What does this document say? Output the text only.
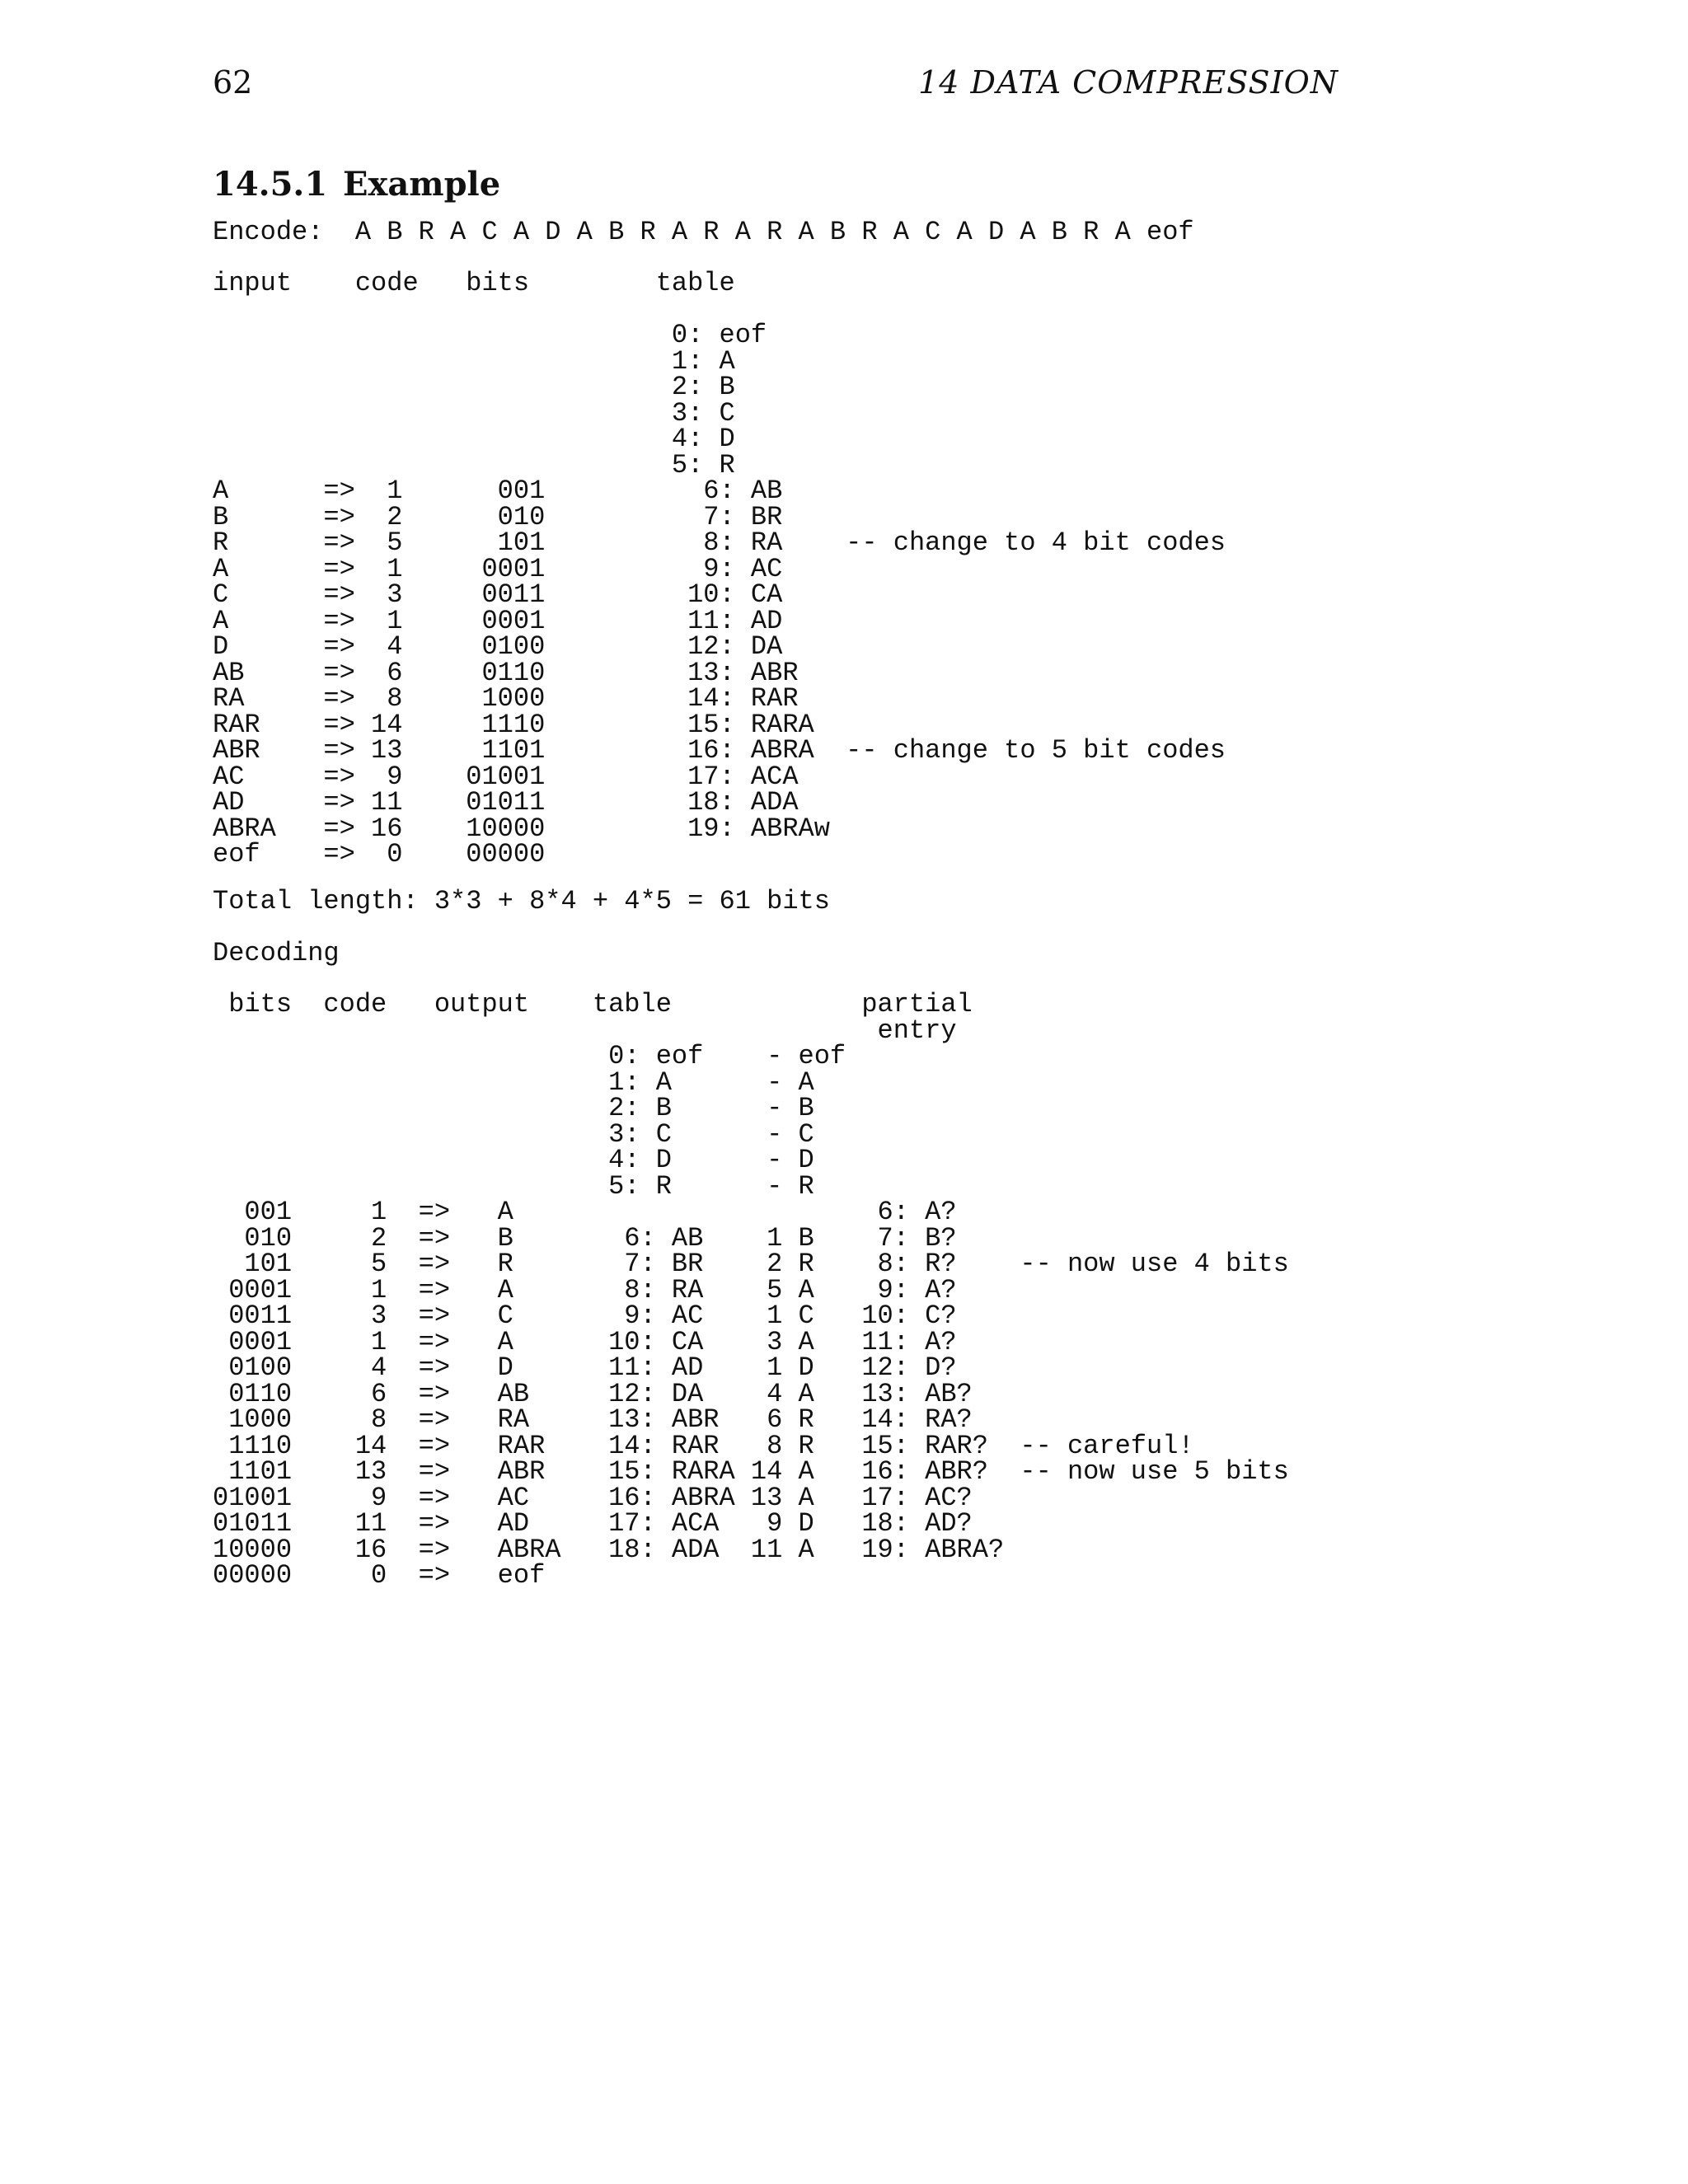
62	14 DATA COMPRESSION
14.5.1 Example
Encode: A B R A C A D A B R A R A R A B R A C A D A B R A eof
input code bits	table

0: eof
1: A
2: B
3: C
4: D
5: R
A      =>  1      001	6: AB
B      =>  2      010	7: BR
R      =>  5      101	8: RA    -- change to 4 bit codes
A      =>  1     0001	9: AC
C      =>  3     0011	10: CA
A      =>  1     0001	11: AD
D      =>  4     0100	12: DA
AB     =>  6     0110	13: ABR
RA     =>  8     1000	14: RAR
RAR    => 14     1110	15: RARA
ABR    => 13     1101	16: ABRA -- change to 5 bit codes
AC     =>  9 01001	17: ACA
AD     => 11 01011	18: ADA
ABRA   => 16 10000	19: ABRAw
eof    =>  0 00000

Total length: 3*3 + 8*4 + 4*5 = 61 bits
Decoding
bits code output table	partial
entry
0: eof    - eof
1: A      - A
2: B      - B
3: C      - C
4: D      - D
5: R      - R
001     1 => A	6: A?
010     2 => B       6: AB    1 B    7: B?
101     5 => R       7: BR    2 R    8: R?    -- now use 4 bits
0001     1 => A       8: RA    5 A    9: A?
0011     3 => C       9: AC    1 C 10: C?
0001     1 => A      10: CA    3 A 11: A?
0100     4 => D      11: AD    1 D 12: D?
0110     6 => AB     12: DA    4 A 13: AB?
1000     8 => RA     13: ABR   6 R 14: RA?
1110 14 => RAR    14: RAR   8 R 15: RAR?  -- careful!
1101 13 => ABR    15: RARA 14 A 16: ABR?  -- now use 5 bits
01001     9 => AC     16: ABRA 13 A 17: AC?
01011 11 => AD     17: ACA   9 D 18: AD?
10000 16 => ABRA 18: ADA  11 A 19: ABRA?
00000     0 => eof
